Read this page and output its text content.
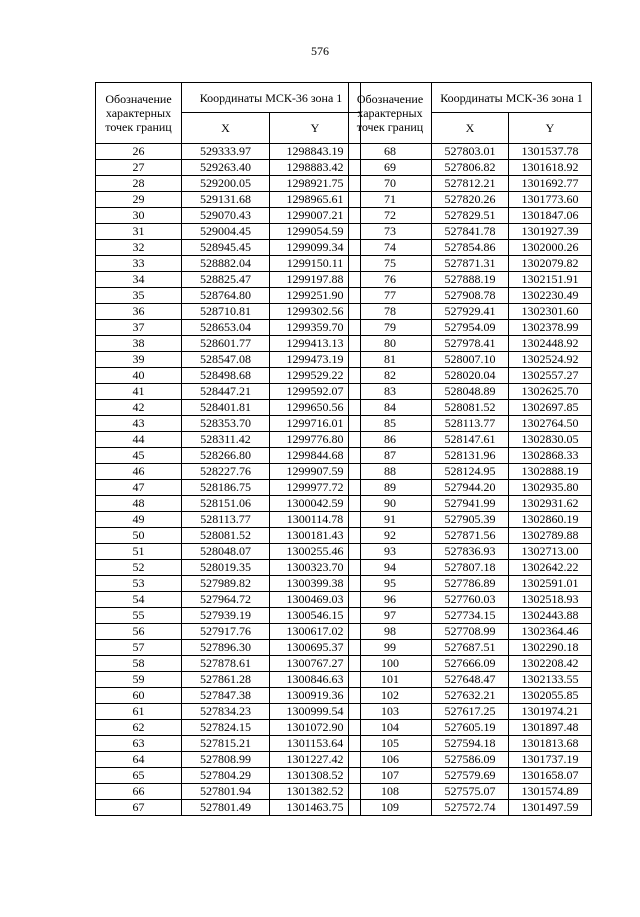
576
Обозначение характерных точек границ	Координаты МСК-36 зона 1	
	X	Y
26	529333.97	1298843.19
27	529263.40	1298883.42
28	529200.05	1298921.75
29	529131.68	1298965.61
30	529070.43	1299007.21
31	529004.45	1299054.59
32	528945.45	1299099.34
33	528882.04	1299150.11
34	528825.47	1299197.88
35	528764.80	1299251.90
36	528710.81	1299302.56
37	528653.04	1299359.70
38	528601.77	1299413.13
39	528547.08	1299473.19
40	528498.68	1299529.22
41	528447.21	1299592.07
42	528401.81	1299650.56
43	528353.70	1299716.01
44	528311.42	1299776.80
45	528266.80	1299844.68
46	528227.76	1299907.59
47	528186.75	1299977.72
48	528151.06	1300042.59
49	528113.77	1300114.78
50	528081.52	1300181.43
51	528048.07	1300255.46
52	528019.35	1300323.70
53	527989.82	1300399.38
54	527964.72	1300469.03
55	527939.19	1300546.15
56	527917.76	1300617.02
57	527896.30	1300695.37
58	527878.61	1300767.27
59	527861.28	1300846.63
60	527847.38	1300919.36
61	527834.23	1300999.54
62	527824.15	1301072.90
63	527815.21	1301153.64
64	527808.99	1301227.42
65	527804.29	1301308.52
66	527801.94	1301382.52
67	527801.49	1301463.75
Обозначение характерных точек границ	Координаты МСК-36 зона 1	
	X	Y
68	527803.01	1301537.78
69	527806.82	1301618.92
70	527812.21	1301692.77
71	527820.26	1301773.60
72	527829.51	1301847.06
73	527841.78	1301927.39
74	527854.86	1302000.26
75	527871.31	1302079.82
76	527888.19	1302151.91
77	527908.78	1302230.49
78	527929.41	1302301.60
79	527954.09	1302378.99
80	527978.41	1302448.92
81	528007.10	1302524.92
82	528020.04	1302557.27
83	528048.89	1302625.70
84	528081.52	1302697.85
85	528113.77	1302764.50
86	528147.61	1302830.05
87	528131.96	1302868.33
88	528124.95	1302888.19
89	527944.20	1302935.80
90	527941.99	1302931.62
91	527905.39	1302860.19
92	527871.56	1302789.88
93	527836.93	1302713.00
94	527807.18	1302642.22
95	527786.89	1302591.01
96	527760.03	1302518.93
97	527734.15	1302443.88
98	527708.99	1302364.46
99	527687.51	1302290.18
100	527666.09	1302208.42
101	527648.47	1302133.55
102	527632.21	1302055.85
103	527617.25	1301974.21
104	527605.19	1301897.48
105	527594.18	1301813.68
106	527586.09	1301737.19
107	527579.69	1301658.07
108	527575.07	1301574.89
109	527572.74	1301497.59
